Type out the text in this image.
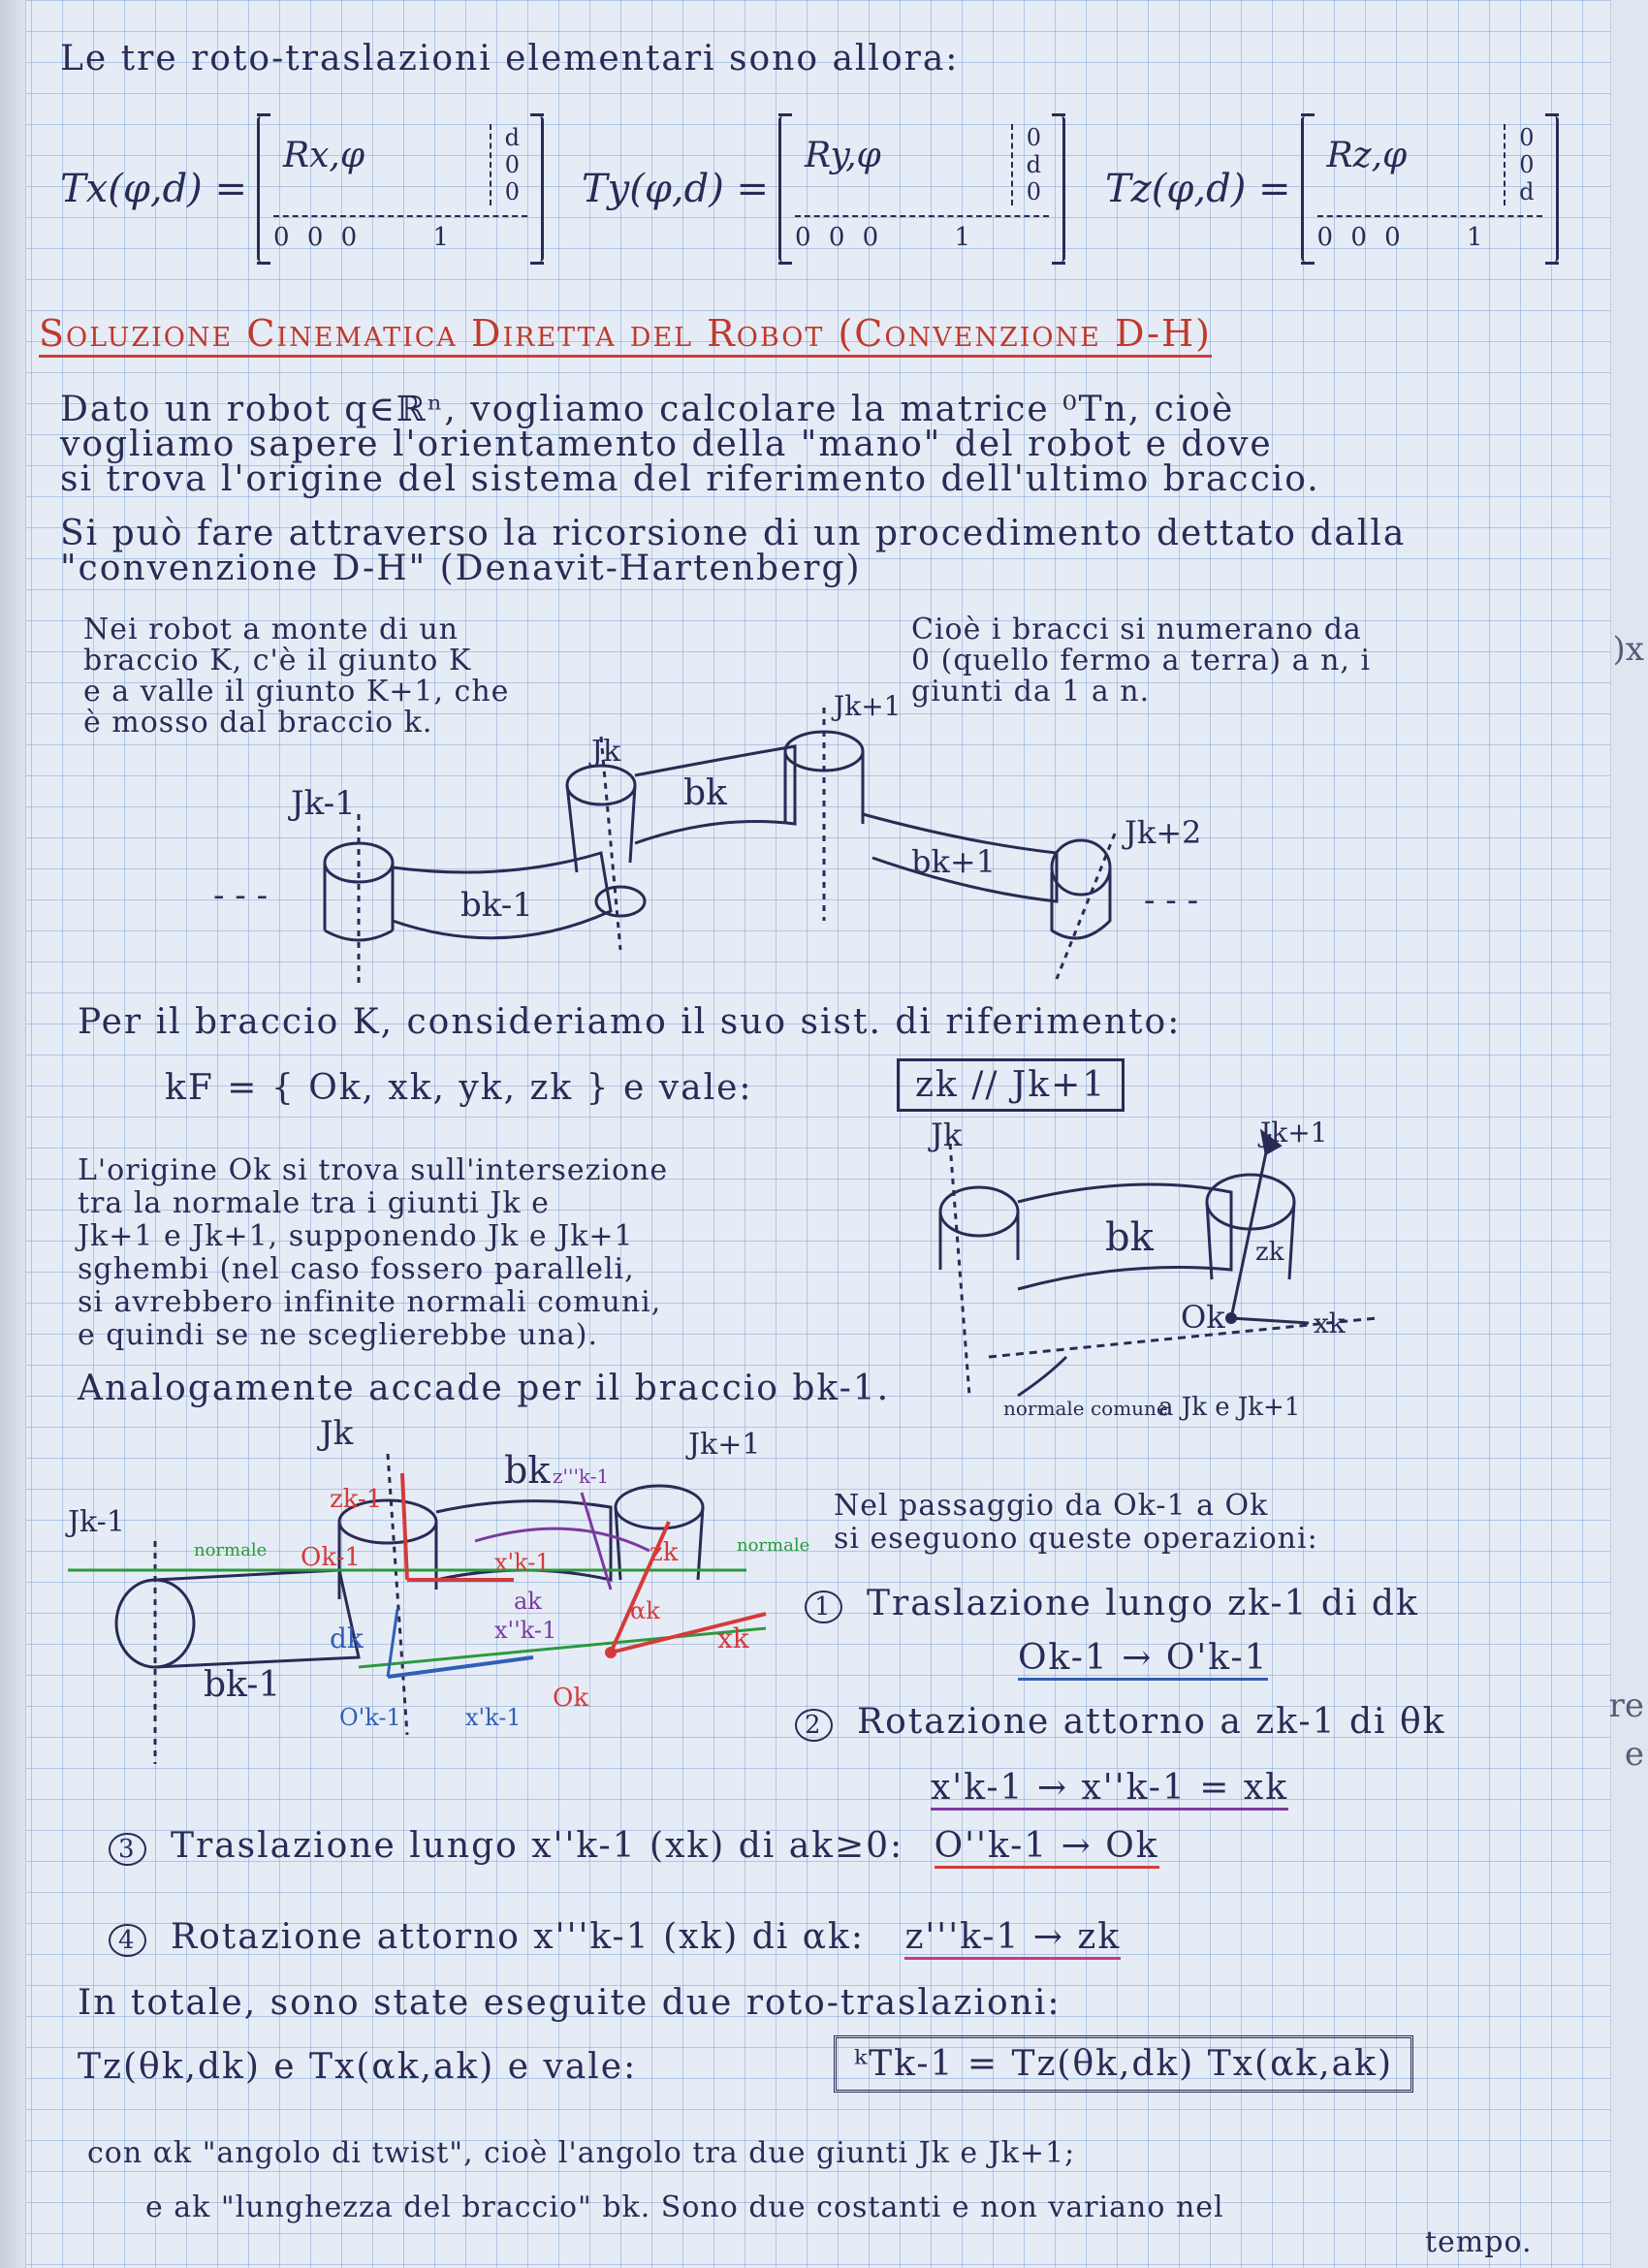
)x
re
e
Le tre roto-traslazioni elementari sono allora:
Tx(φ,d) =
Rx,φ	d
0
0
0 0 0	1
Ty(φ,d) =
Ry,φ	0
d
0
0 0 0	1
Tz(φ,d) =
Rz,φ	0
0
d
0 0 0	1
Soluzione Cinematica Diretta del Robot (Convenzione D-H)
Dato un robot q∈ℝⁿ, vogliamo calcolare la matrice ⁰Tn, cioè
vogliamo sapere l'orientamento della "mano" del robot e dove
si trova l'origine del sistema del riferimento dell'ultimo braccio.
Si può fare attraverso la ricorsione di un procedimento dettato dalla
"convenzione D-H" (Denavit-Hartenberg)
Nei robot a monte di un
braccio K, c'è il giunto K
e a valle il giunto K+1, che
è mosso dal braccio k.
Cioè i bracci si numerano da
0 (quello fermo a terra) a n, i
giunti da 1 a n.
Jk-1
Jk
Jk+1
Jk+2
bk-1
bk
bk+1
- - -	- - -
Per il braccio K, consideriamo il suo sist. di riferimento:
kF = { Ok, xk, yk, zk } e vale:	zk // Jk+1
L'origine Ok si trova sull'intersezione
tra la normale tra i giunti Jk e
Jk+1 e Jk+1, supponendo Jk e Jk+1
sghembi (nel caso fossero paralleli,
si avrebbero infinite normali comuni,
e quindi se ne sceglierebbe una).
Jk	Jk+1
bk	zk
Ok	xk
normale comune
a Jk e Jk+1
Analogamente accade per il braccio bk-1.
Jk	Jk+1
Jk-1
bk
bk-1
zk-1
Ok-1	x'k-1
z'''k-1
zk
ak
x''k-1
αk
xk
dk
O'k-1	x'k-1
Ok
normale	normale
Nel passaggio da Ok-1 a Ok
si eseguono queste operazioni:
1 Traslazione lungo zk-1 di dk
Ok-1 → O'k-1
2 Rotazione attorno a zk-1 di θk
x'k-1 → x''k-1 = xk
3 Traslazione lungo x''k-1 (xk) di ak≥0: O''k-1 → Ok
4 Rotazione attorno x'''k-1 (xk) di αk: z'''k-1 → zk
In totale, sono state eseguite due roto-traslazioni:
Tz(θk,dk) e Tx(αk,ak) e vale:	ᵏTk-1 = Tz(θk,dk) Tx(αk,ak)
con αk "angolo di twist", cioè l'angolo tra due giunti Jk e Jk+1;
e ak "lunghezza del braccio" bk. Sono due costanti e non variano nel
tempo.
